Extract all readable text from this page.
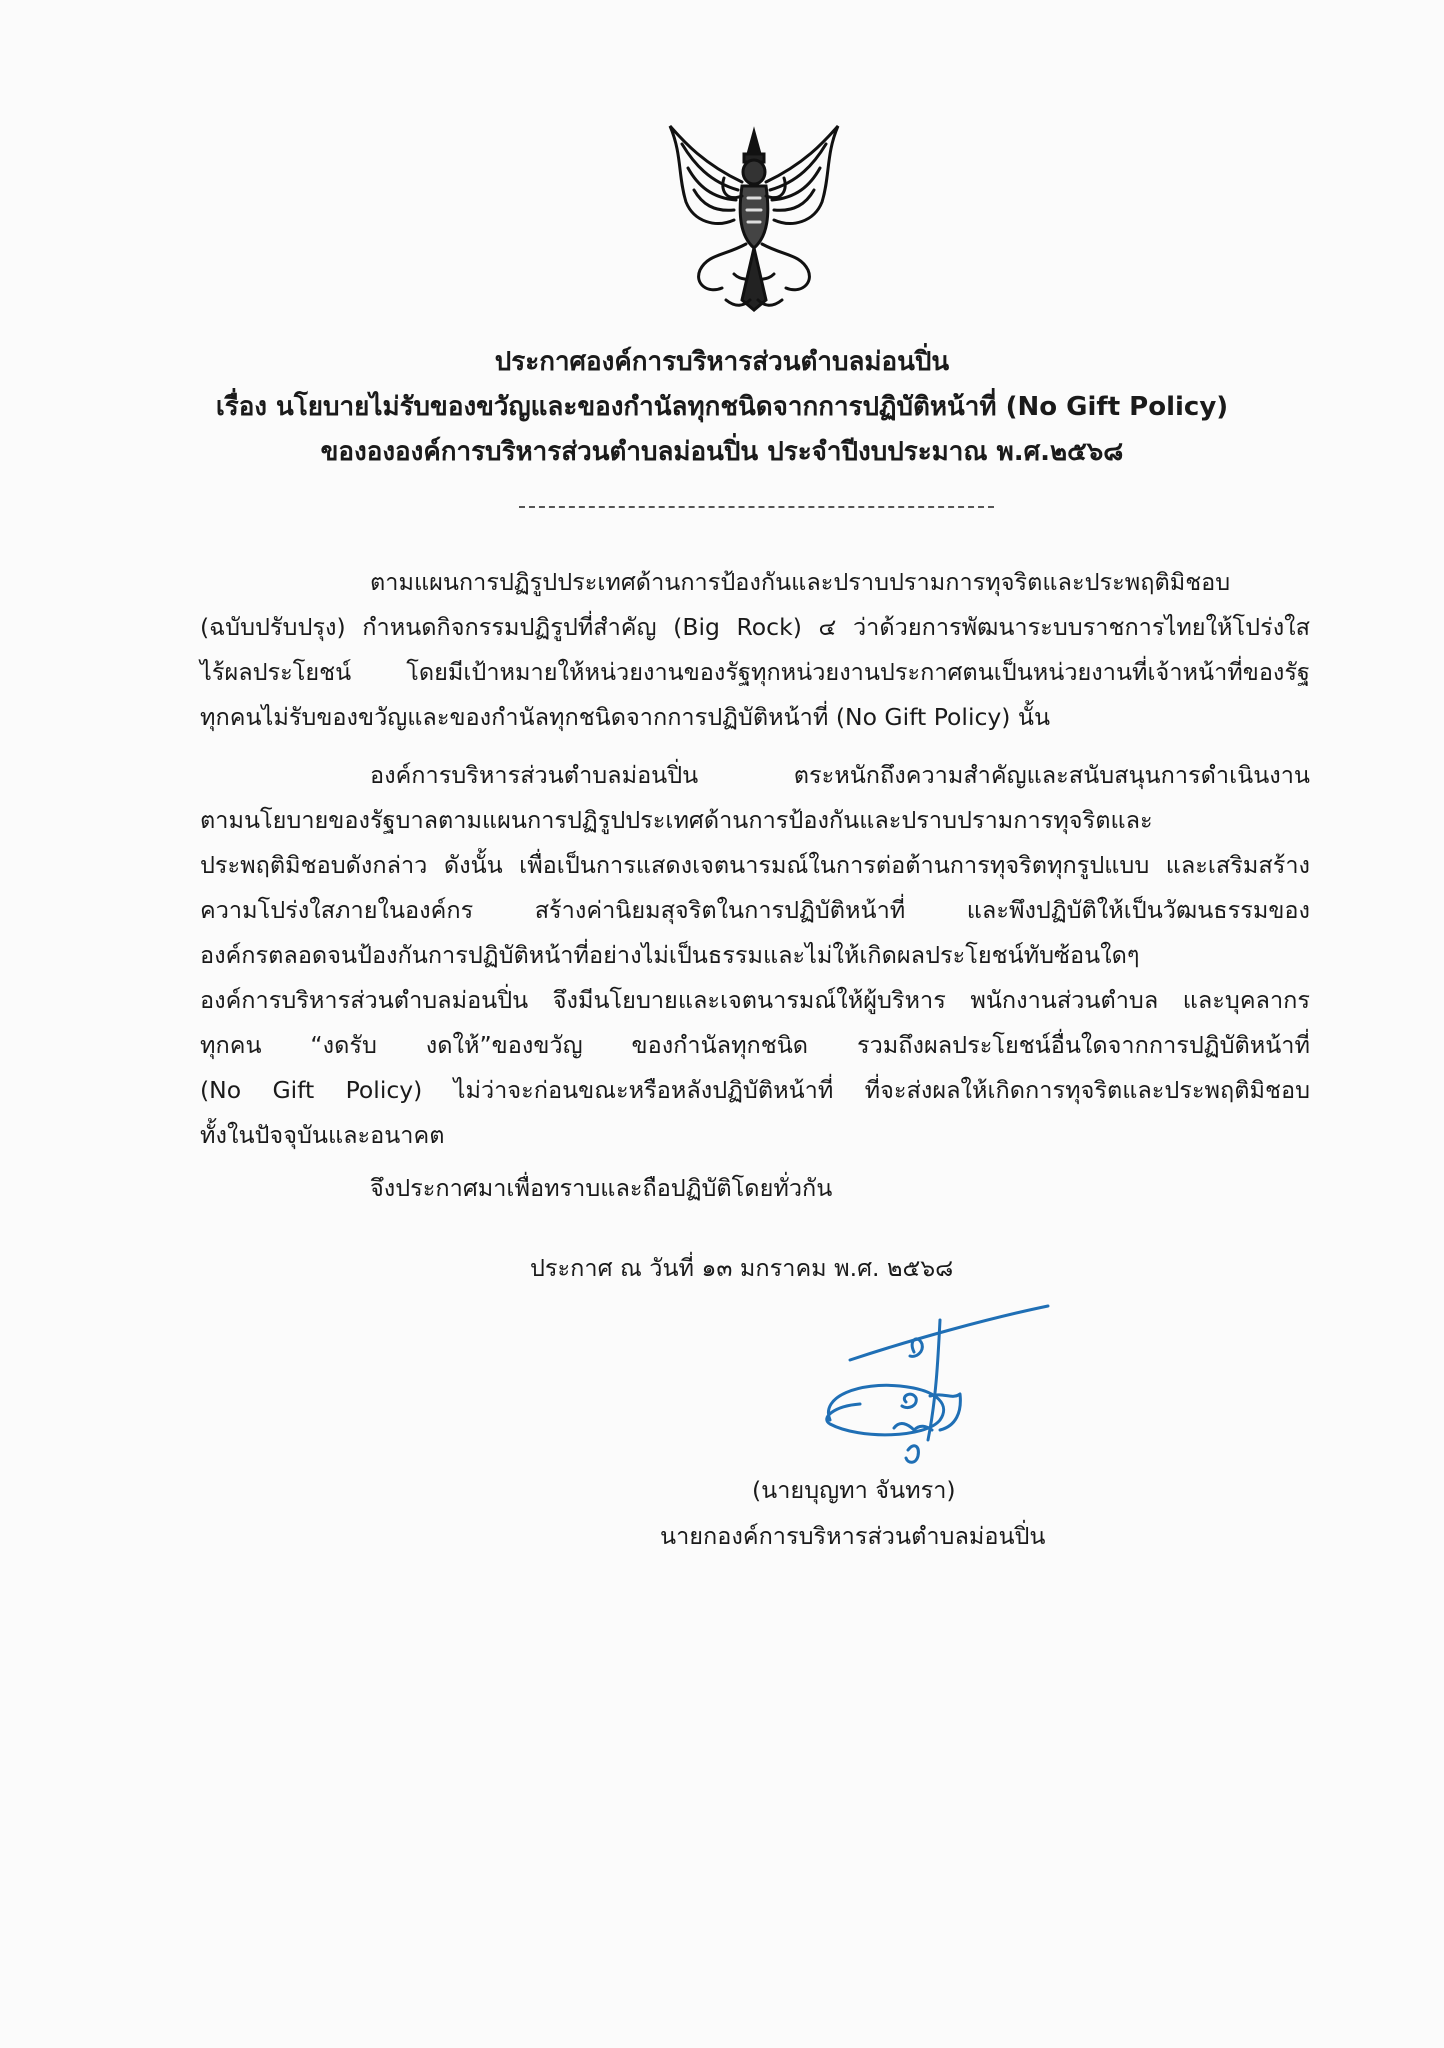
ประกาศองค์การบริหารส่วนตำบลม่อนปิ่น
เรื่อง นโยบายไม่รับของขวัญและของกำนัลทุกชนิดจากการปฏิบัติหน้าที่ (No Gift Policy)
ของององค์การบริหารส่วนตำบลม่อนปิ่น ประจำปีงบประมาณ พ.ศ.๒๕๖๘

ตามแผนการปฏิรูปประเทศด้านการป้องกันและปราบปรามการทุจริตและประพฤติมิชอบ
(ฉบับปรับปรุง) กำหนดกิจกรรมปฏิรูปที่สำคัญ (Big Rock) ๔ ว่าด้วยการพัฒนาระบบราชการไทยให้โปร่งใส
ไร้ผลประโยชน์ โดยมีเป้าหมายให้หน่วยงานของรัฐทุกหน่วยงานประกาศตนเป็นหน่วยงานที่เจ้าหน้าที่ของรัฐ
ทุกคนไม่รับของขวัญและของกำนัลทุกชนิดจากการปฏิบัติหน้าที่ (No Gift Policy) นั้น

องค์การบริหารส่วนตำบลม่อนปิ่น ตระหนักถึงความสำคัญและสนับสนุนการดำเนินงาน
ตามนโยบายของรัฐบาลตามแผนการปฏิรูปประเทศด้านการป้องกันและปราบปรามการทุจริตและ
ประพฤติมิชอบดังกล่าว ดังนั้น เพื่อเป็นการแสดงเจตนารมณ์ในการต่อต้านการทุจริตทุกรูปแบบ และเสริมสร้าง
ความโปร่งใสภายในองค์กร สร้างค่านิยมสุจริตในการปฏิบัติหน้าที่ และพึงปฏิบัติให้เป็นวัฒนธรรมของ
องค์กรตลอดจนป้องกันการปฏิบัติหน้าที่อย่างไม่เป็นธรรมและไม่ให้เกิดผลประโยชน์ทับซ้อนใดๆ
องค์การบริหารส่วนตำบลม่อนปิ่น จึงมีนโยบายและเจตนารมณ์ให้ผู้บริหาร พนักงานส่วนตำบล และบุคลากร
ทุกคน “งดรับ งดให้”ของขวัญ ของกำนัลทุกชนิด รวมถึงผลประโยชน์อื่นใดจากการปฏิบัติหน้าที่
(No Gift Policy) ไม่ว่าจะก่อนขณะหรือหลังปฏิบัติหน้าที่ ที่จะส่งผลให้เกิดการทุจริตและประพฤติมิชอบ
ทั้งในปัจจุบันและอนาคต

จึงประกาศมาเพื่อทราบและถือปฏิบัติโดยทั่วกัน
ประกาศ ณ วันที่ ๑๓ มกราคม พ.ศ. ๒๕๖๘
(นายบุญทา จันทรา)
นายกองค์การบริหารส่วนตำบลม่อนปิ่น
